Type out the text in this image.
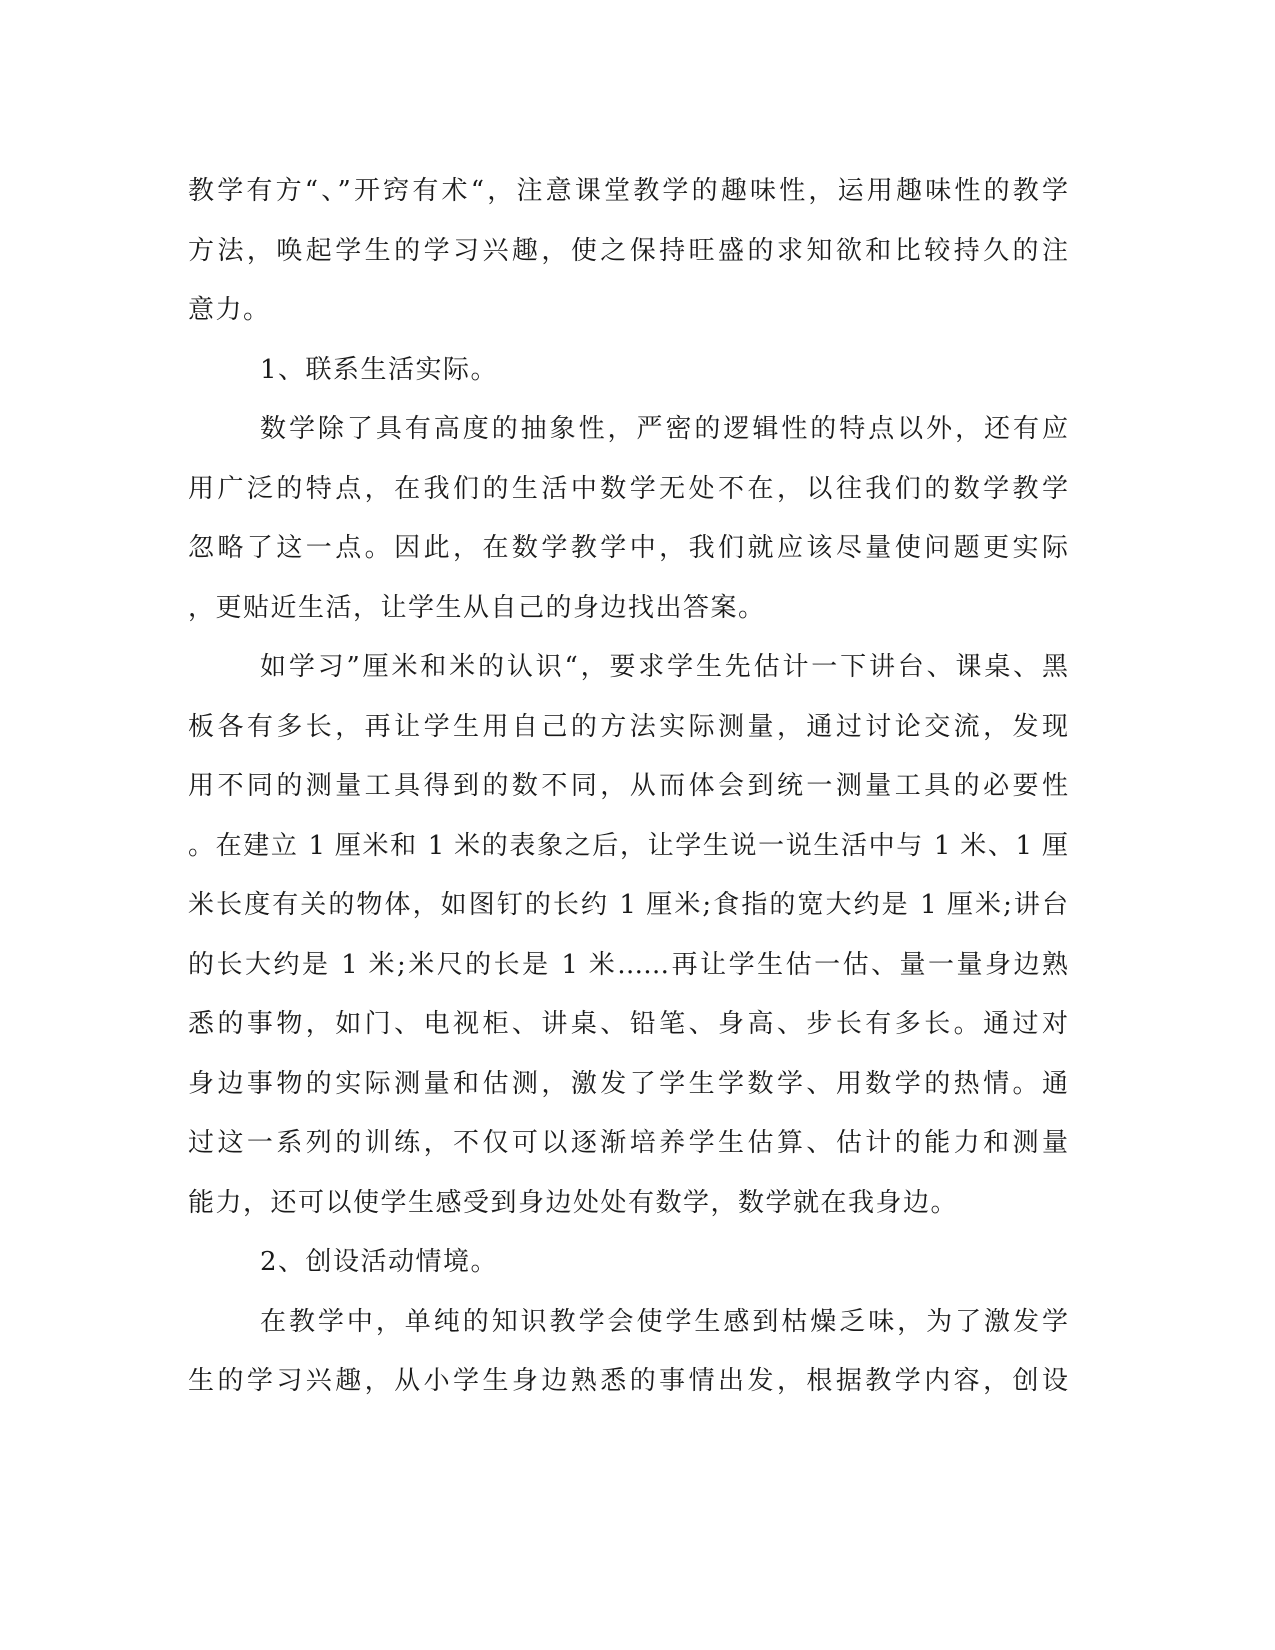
教学有方“、”开窍有术“，注意课堂教学的趣味性，运用趣味性的教学
方法，唤起学生的学习兴趣，使之保持旺盛的求知欲和比较持久的注
意力。
1、联系生活实际。
数学除了具有高度的抽象性，严密的逻辑性的特点以外，还有应
用广泛的特点，在我们的生活中数学无处不在，以往我们的数学教学
忽略了这一点。因此，在数学教学中，我们就应该尽量使问题更实际
，更贴近生活，让学生从自己的身边找出答案。
如学习”厘米和米的认识“，要求学生先估计一下讲台、课桌、黑
板各有多长，再让学生用自己的方法实际测量，通过讨论交流，发现
用不同的测量工具得到的数不同，从而体会到统一测量工具的必要性
。在建立 1 厘米和 1 米的表象之后，让学生说一说生活中与 1 米、1 厘
米长度有关的物体，如图钉的长约 1 厘米;食指的宽大约是 1 厘米;讲台
的长大约是 1 米;米尺的长是 1 米……再让学生估一估、量一量身边熟
悉的事物，如门、电视柜、讲桌、铅笔、身高、步长有多长。通过对
身边事物的实际测量和估测，激发了学生学数学、用数学的热情。通
过这一系列的训练，不仅可以逐渐培养学生估算、估计的能力和测量
能力，还可以使学生感受到身边处处有数学，数学就在我身边。
2、创设活动情境。
在教学中，单纯的知识教学会使学生感到枯燥乏味，为了激发学
生的学习兴趣，从小学生身边熟悉的事情出发，根据教学内容，创设
